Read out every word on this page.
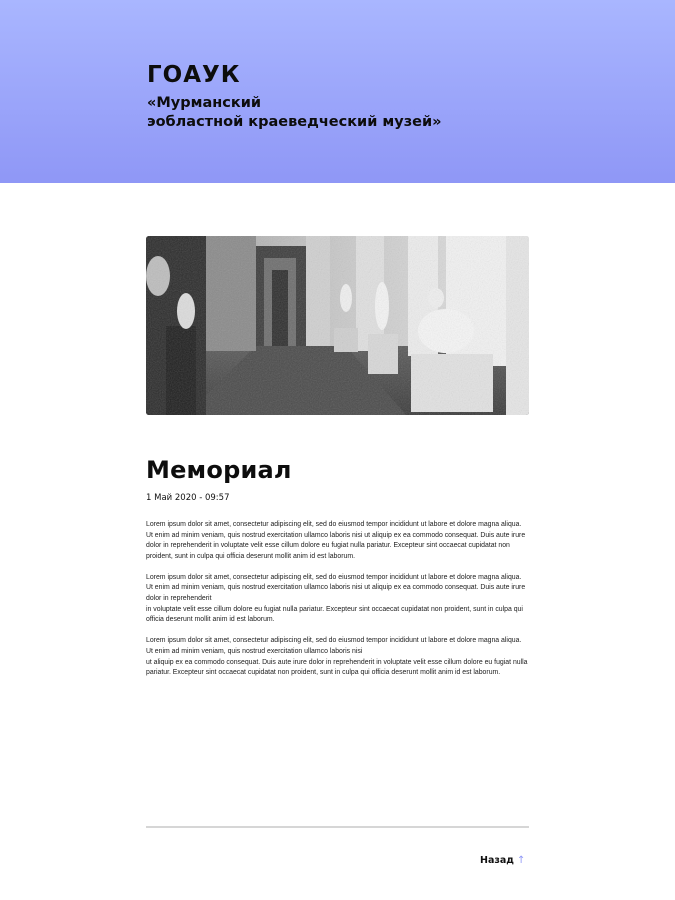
ГОАУК
«Мурманский
эобластной краеведческий музей»
Мемориал
1 Май 2020 - 09:57

Lorem ipsum dolor sit amet, consectetur adipiscing elit, sed do eiusmod tempor incididunt ut labore et dolore magna aliqua. Ut enim ad minim veniam, quis nostrud exercitation ullamco laboris nisi ut aliquip ex ea commodo consequat. Duis aute irure dolor in reprehenderit in voluptate velit esse cillum dolore eu fugiat nulla pariatur. Excepteur sint occaecat cupidatat non proident, sunt in culpa qui officia deserunt mollit anim id est laborum.

Lorem ipsum dolor sit amet, consectetur adipiscing elit, sed do eiusmod tempor incididunt ut labore et dolore magna aliqua. Ut enim ad minim veniam, quis nostrud exercitation ullamco laboris nisi ut aliquip ex ea commodo consequat. Duis aute irure dolor in reprehenderit
in voluptate velit esse cillum dolore eu fugiat nulla pariatur. Excepteur sint occaecat cupidatat non proident, sunt in culpa qui officia deserunt mollit anim id est laborum.

Lorem ipsum dolor sit amet, consectetur adipiscing elit, sed do eiusmod tempor incididunt ut labore et dolore magna aliqua. Ut enim ad minim veniam, quis nostrud exercitation ullamco laboris nisi
ut aliquip ex ea commodo consequat. Duis aute irure dolor in reprehenderit in voluptate velit esse cillum dolore eu fugiat nulla pariatur. Excepteur sint occaecat cupidatat non proident, sunt in culpa qui officia deserunt mollit anim id est laborum.

Назад ↑
